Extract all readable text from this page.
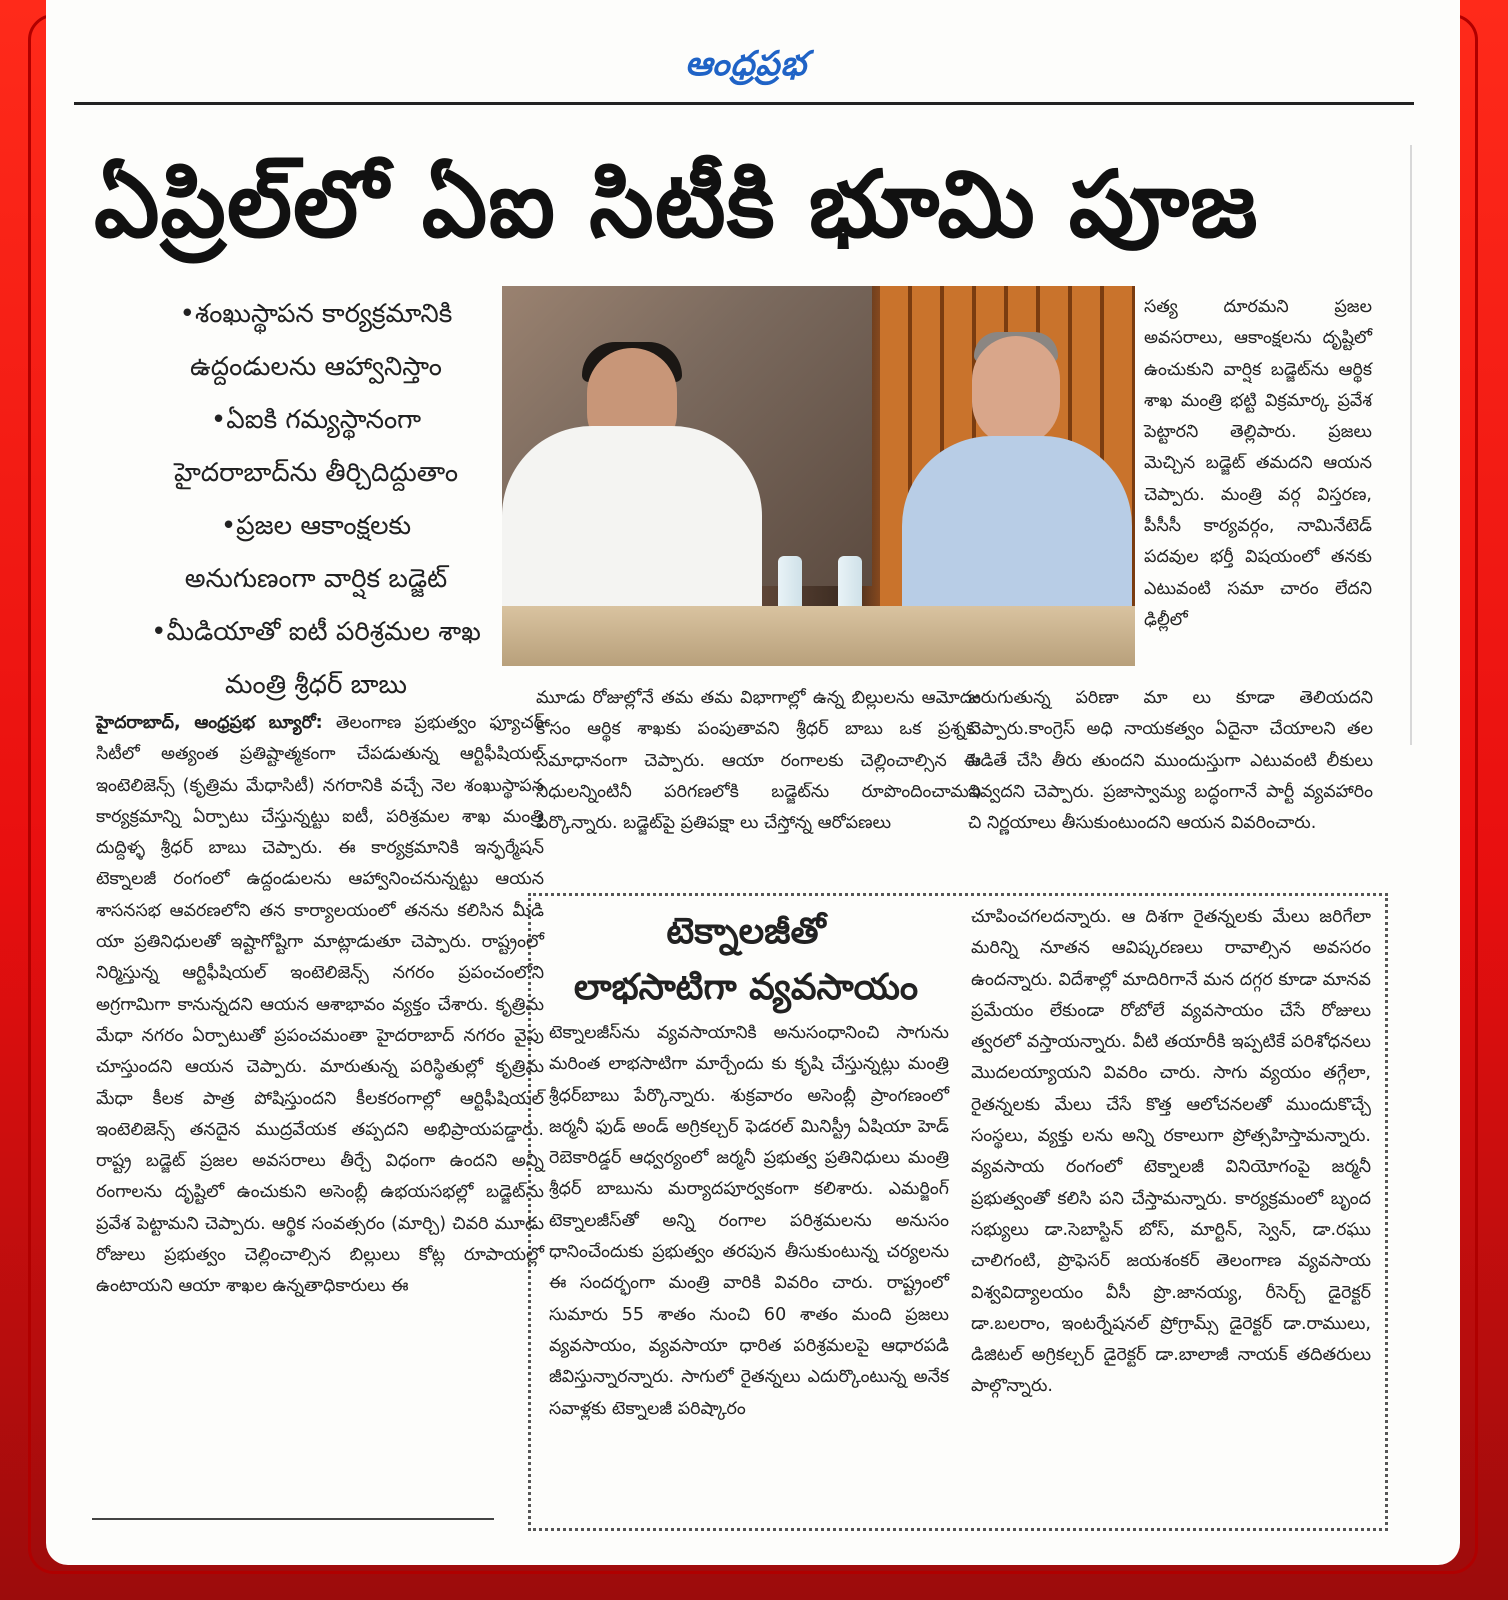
ఆంధ్రప్రభ
ఏప్రిల్‌లో ఏఐ సిటీకి భూమి పూజ
•శంఖుస్థాపన కార్యక్రమానికి
ఉద్దండులను ఆహ్వానిస్తాం
•ఏఐకి గమ్యస్థానంగా
హైదరాబాద్‌ను తీర్చిదిద్దుతాం
•ప్రజల ఆకాంక్షలకు
అనుగుణంగా వార్షిక బడ్జెట్
•మీడియాతో ఐటీ పరిశ్రమల శాఖ
మంత్రి శ్రీధర్ బాబు

సత్య దూరమని ప్రజల అవసరాలు, ఆకాంక్షలను దృష్టిలో ఉంచుకుని వార్షిక బడ్జెట్‌ను ఆర్థిక శాఖ మంత్రి భట్టి విక్రమార్క ప్రవేశ పెట్టారని తెల్లిపారు. ప్రజలు మెచ్చిన బడ్జెట్ తమదని ఆయన చెప్పారు. మంత్రి వర్గ విస్తరణ, పీసీసీ కార్యవర్గం, నామినేటెడ్ పదవుల భర్తీ విషయంలో తనకు ఎటువంటి సమా చారం లేదని ఢిల్లీలో

హైదరాబాద్, ఆంధ్రప్రభ బ్యూరో: తెలంగాణ ప్రభుత్వం ఫ్యూచర్ సిటీలో అత్యంత ప్రతిష్టాత్మకంగా చేపడుతున్న ఆర్టిఫీషియల్ ఇంటెలిజెన్స్ (కృత్రిమ మేధాసిటీ) నగరానికి వచ్చే నెల శంఖుస్థాపన కార్యక్రమాన్ని ఏర్పాటు చేస్తున్నట్టు ఐటీ, పరిశ్రమల శాఖ మంత్రి దుద్దిళ్ళ శ్రీధర్ బాబు చెప్పారు. ఈ కార్యక్రమానికి ఇన్ఫర్మేషన్ టెక్నాలజీ రంగంలో ఉద్దండులను ఆహ్వానించనున్నట్టు ఆయన శాసనసభ ఆవరణలోని తన కార్యాలయంలో తనను కలిసిన మీడి యా ప్రతినిధులతో ఇష్టాగోష్టిగా మాట్లాడుతూ చెప్పారు. రాష్ట్రంలో నిర్మిస్తున్న ఆర్టిఫీషియల్ ఇంటెలిజెన్స్ నగరం ప్రపంచంలోని అగ్రగామిగా కానున్నదని ఆయన ఆశాభావం వ్యక్తం చేశారు. కృత్రిమ మేధా నగరం ఏర్పాటుతో ప్రపంచమంతా హైదరాబాద్ నగరం వైపు చూస్తుందని ఆయన చెప్పారు. మారుతున్న పరిస్థితుల్లో కృత్రిమ మేధా కీలక పాత్ర పోషిస్తుందని కీలకరంగాల్లో ఆర్టిఫీషియల్ ఇంటెలిజెన్స్ తనదైన ముద్రవేయక తప్పదని అభిప్రాయపడ్డారు. రాష్ట్ర బడ్జెట్ ప్రజల అవసరాలు తీర్చే విధంగా ఉందని అన్ని రంగాలను దృష్టిలో ఉంచుకుని అసెంబ్లీ ఉభయసభల్లో బడ్జెట్‌ను ప్రవేశ పెట్టామని చెప్పారు. ఆర్థిక సంవత్సరం (మార్చి) చివరి మూడు రోజులు ప్రభుత్వం చెల్లించాల్సిన బిల్లులు కోట్ల రూపాయల్లో ఉంటాయని ఆయా శాఖల ఉన్నతాధికారులు ఈ

మూడు రోజుల్లోనే తమ తమ విభాగాల్లో ఉన్న బిల్లులను ఆమోదం కోసం ఆర్థిక శాఖకు పంపుతావని శ్రీధర్ బాబు ఒక ప్రశ్నకు సమాధానంగా చెప్పారు. ఆయా రంగాలకు చెల్లించాల్సిన ఈ నిధులన్నింటినీ పరిగణలోకి బడ్జెట్‌ను రూపొందించామని పేర్కొన్నారు. బడ్జెట్‌పై ప్రతిపక్షా లు చేస్తోన్న ఆరోపణలు

జరుగుతున్న పరిణా మా లు కూడా తెలియదని చెప్పారు.కాంగ్రెస్ అధి నాయకత్వం ఏదైనా చేయాలని తల పెడితే చేసి తీరు తుందని ముందుస్తుగా ఎటువంటి లీకులు ఇవ్వదని చెప్పారు. ప్రజాస్వామ్య బద్ధంగానే పార్టీ వ్యవహారిం చి నిర్ణయాలు తీసుకుంటుందని ఆయన వివరించారు.

టెక్నాలజీతో
లాభసాటిగా వ్యవసాయం

టెక్నాలజీస్‌ను వ్యవసాయానికి అనుసంధానించి సాగును మరింత లాభసాటిగా మార్చేందు కు కృషి చేస్తున్నట్లు మంత్రి శ్రీధర్‌బాబు పేర్కొన్నారు. శుక్రవారం అసెంబ్లీ ప్రాంగణంలో జర్మనీ ఫుడ్ అండ్ అగ్రికల్చర్ ఫెడరల్ మినిస్ట్రీ ఏషియా హెడ్ రెబెకారిడ్డర్ ఆధ్వర్యంలో జర్మనీ ప్రభుత్వ ప్రతినిధులు మంత్రి శ్రీధర్ బాబును మర్యాదపూర్వకంగా కలిశారు. ఎమర్జింగ్ టెక్నాలజీస్‌తో అన్ని రంగాల పరిశ్రమలను అనుసం ధానించేందుకు ప్రభుత్వం తరపున తీసుకుంటున్న చర్యలను ఈ సందర్భంగా మంత్రి వారికి వివరిం చారు. రాష్ట్రంలో సుమారు 55 శాతం నుంచి 60 శాతం మంది ప్రజలు వ్యవసాయం, వ్యవసాయా ధారిత పరిశ్రమలపై ఆధారపడి జీవిస్తున్నారన్నారు. సాగులో రైతన్నలు ఎదుర్కొంటున్న అనేక సవాళ్లకు టెక్నాలజీ పరిష్కారం

చూపించగలదన్నారు. ఆ దిశగా రైతన్నలకు మేలు జరిగేలా మరిన్ని నూతన ఆవిష్కరణలు రావాల్సిన అవసరం ఉందన్నారు. విదేశాల్లో మాదిరిగానే మన దగ్గర కూడా మానవ ప్రమేయం లేకుండా రోబోలే వ్యవసాయం చేసే రోజులు త్వరలో వస్తాయన్నారు. వీటి తయారీకి ఇప్పటికే పరిశోధనలు మొదలయ్యాయని వివరిం చారు. సాగు వ్యయం తగ్గేలా, రైతన్నలకు మేలు చేసే కొత్త ఆలోచనలతో ముందుకొచ్చే సంస్థలు, వ్యక్తు లను అన్ని రకాలుగా ప్రోత్సహిస్తామన్నారు. వ్యవసాయ రంగంలో టెక్నాలజీ వినియోగంపై జర్మనీ ప్రభుత్వంతో కలిసి పని చేస్తామన్నారు. కార్యక్రమంలో బృంద సభ్యులు డా.సెబాస్టిన్ బోస్, మార్టిన్, స్వెన్, డా.రఘు చాలిగంటి, ప్రొఫెసర్ జయశంకర్ తెలంగాణ వ్యవసాయ విశ్వవిద్యాలయం వీసీ ప్రొ.జానయ్య, రీసెర్చ్ డైరెక్టర్ డా.బలరాం, ఇంటర్నేషనల్ ప్రోగ్రామ్స్ డైరెక్టర్ డా.రాములు, డిజిటల్ అగ్రికల్చర్ డైరెక్టర్ డా.బాలాజీ నాయక్ తదితరులు పాల్గొన్నారు.
